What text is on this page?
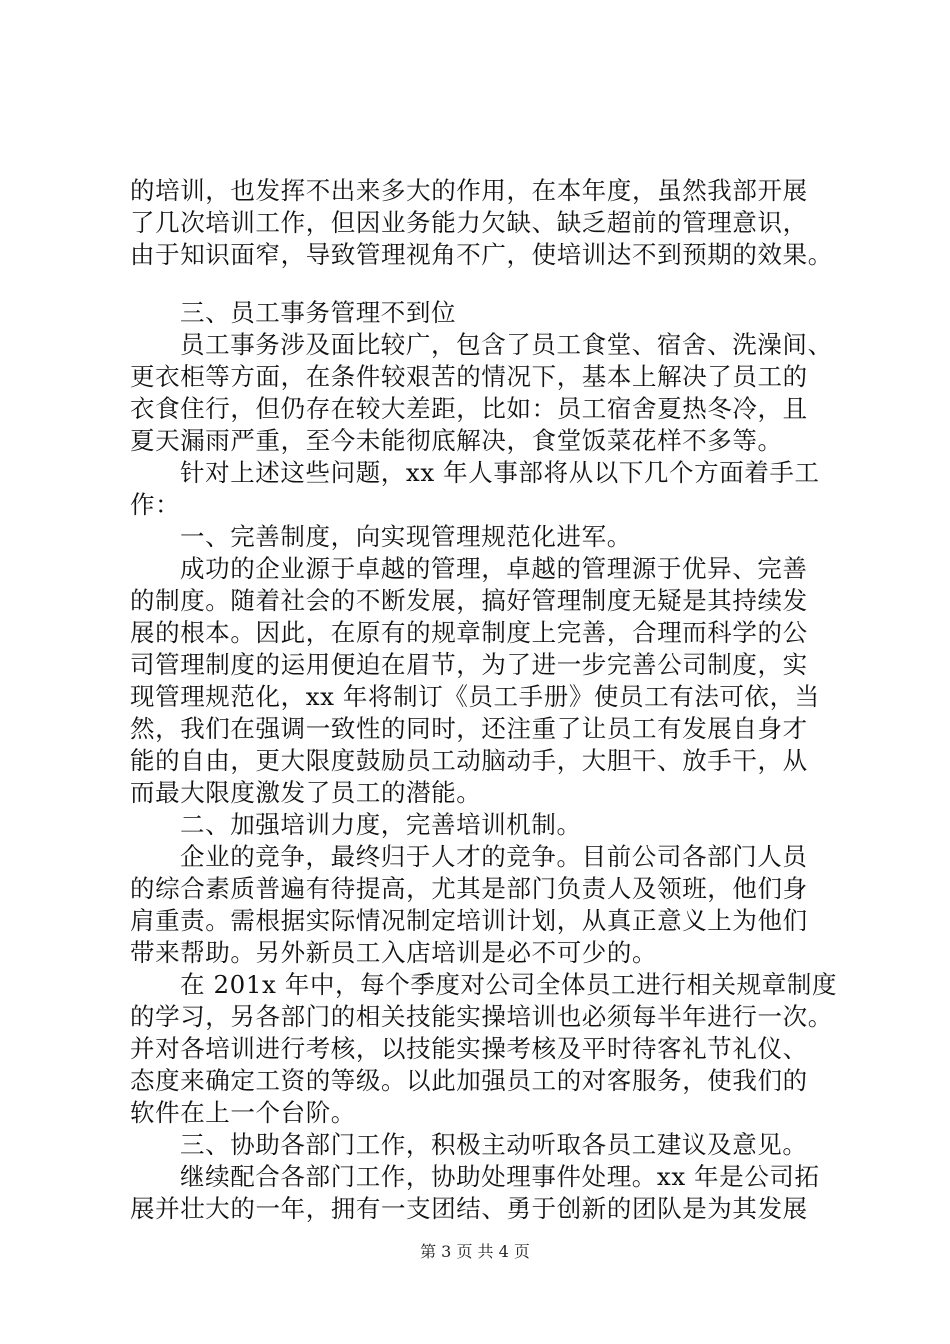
的培训，也发挥不出来多大的作用，在本年度，虽然我部开展
了几次培训工作，但因业务能力欠缺、缺乏超前的管理意识，
由于知识面窄，导致管理视角不广，使培训达不到预期的效果。
三、员工事务管理不到位
员工事务涉及面比较广，包含了员工食堂、宿舍、洗澡间、
更衣柜等方面，在条件较艰苦的情况下，基本上解决了员工的
衣食住行，但仍存在较大差距，比如：员工宿舍夏热冬冷，且
夏天漏雨严重，至今未能彻底解决，食堂饭菜花样不多等。
针对上述这些问题，xx 年人事部将从以下几个方面着手工
作：
一、完善制度，向实现管理规范化进军。
成功的企业源于卓越的管理，卓越的管理源于优异、完善
的制度。随着社会的不断发展，搞好管理制度无疑是其持续发
展的根本。因此，在原有的规章制度上完善，合理而科学的公
司管理制度的运用便迫在眉节，为了进一步完善公司制度，实
现管理规范化，xx 年将制订《员工手册》使员工有法可依，当
然，我们在强调一致性的同时，还注重了让员工有发展自身才
能的自由，更大限度鼓励员工动脑动手，大胆干、放手干，从
而最大限度激发了员工的潜能。
二、加强培训力度，完善培训机制。
企业的竞争，最终归于人才的竞争。目前公司各部门人员
的综合素质普遍有待提高，尤其是部门负责人及领班，他们身
肩重责。需根据实际情况制定培训计划，从真正意义上为他们
带来帮助。另外新员工入店培训是必不可少的。
在 201x 年中，每个季度对公司全体员工进行相关规章制度
的学习，另各部门的相关技能实操培训也必须每半年进行一次。
并对各培训进行考核，以技能实操考核及平时待客礼节礼仪、
态度来确定工资的等级。以此加强员工的对客服务，使我们的
软件在上一个台阶。
三、协助各部门工作，积极主动听取各员工建议及意见。
继续配合各部门工作，协助处理事件处理。xx 年是公司拓
展并壮大的一年，拥有一支团结、勇于创新的团队是为其发展
第 3 页 共 4 页
